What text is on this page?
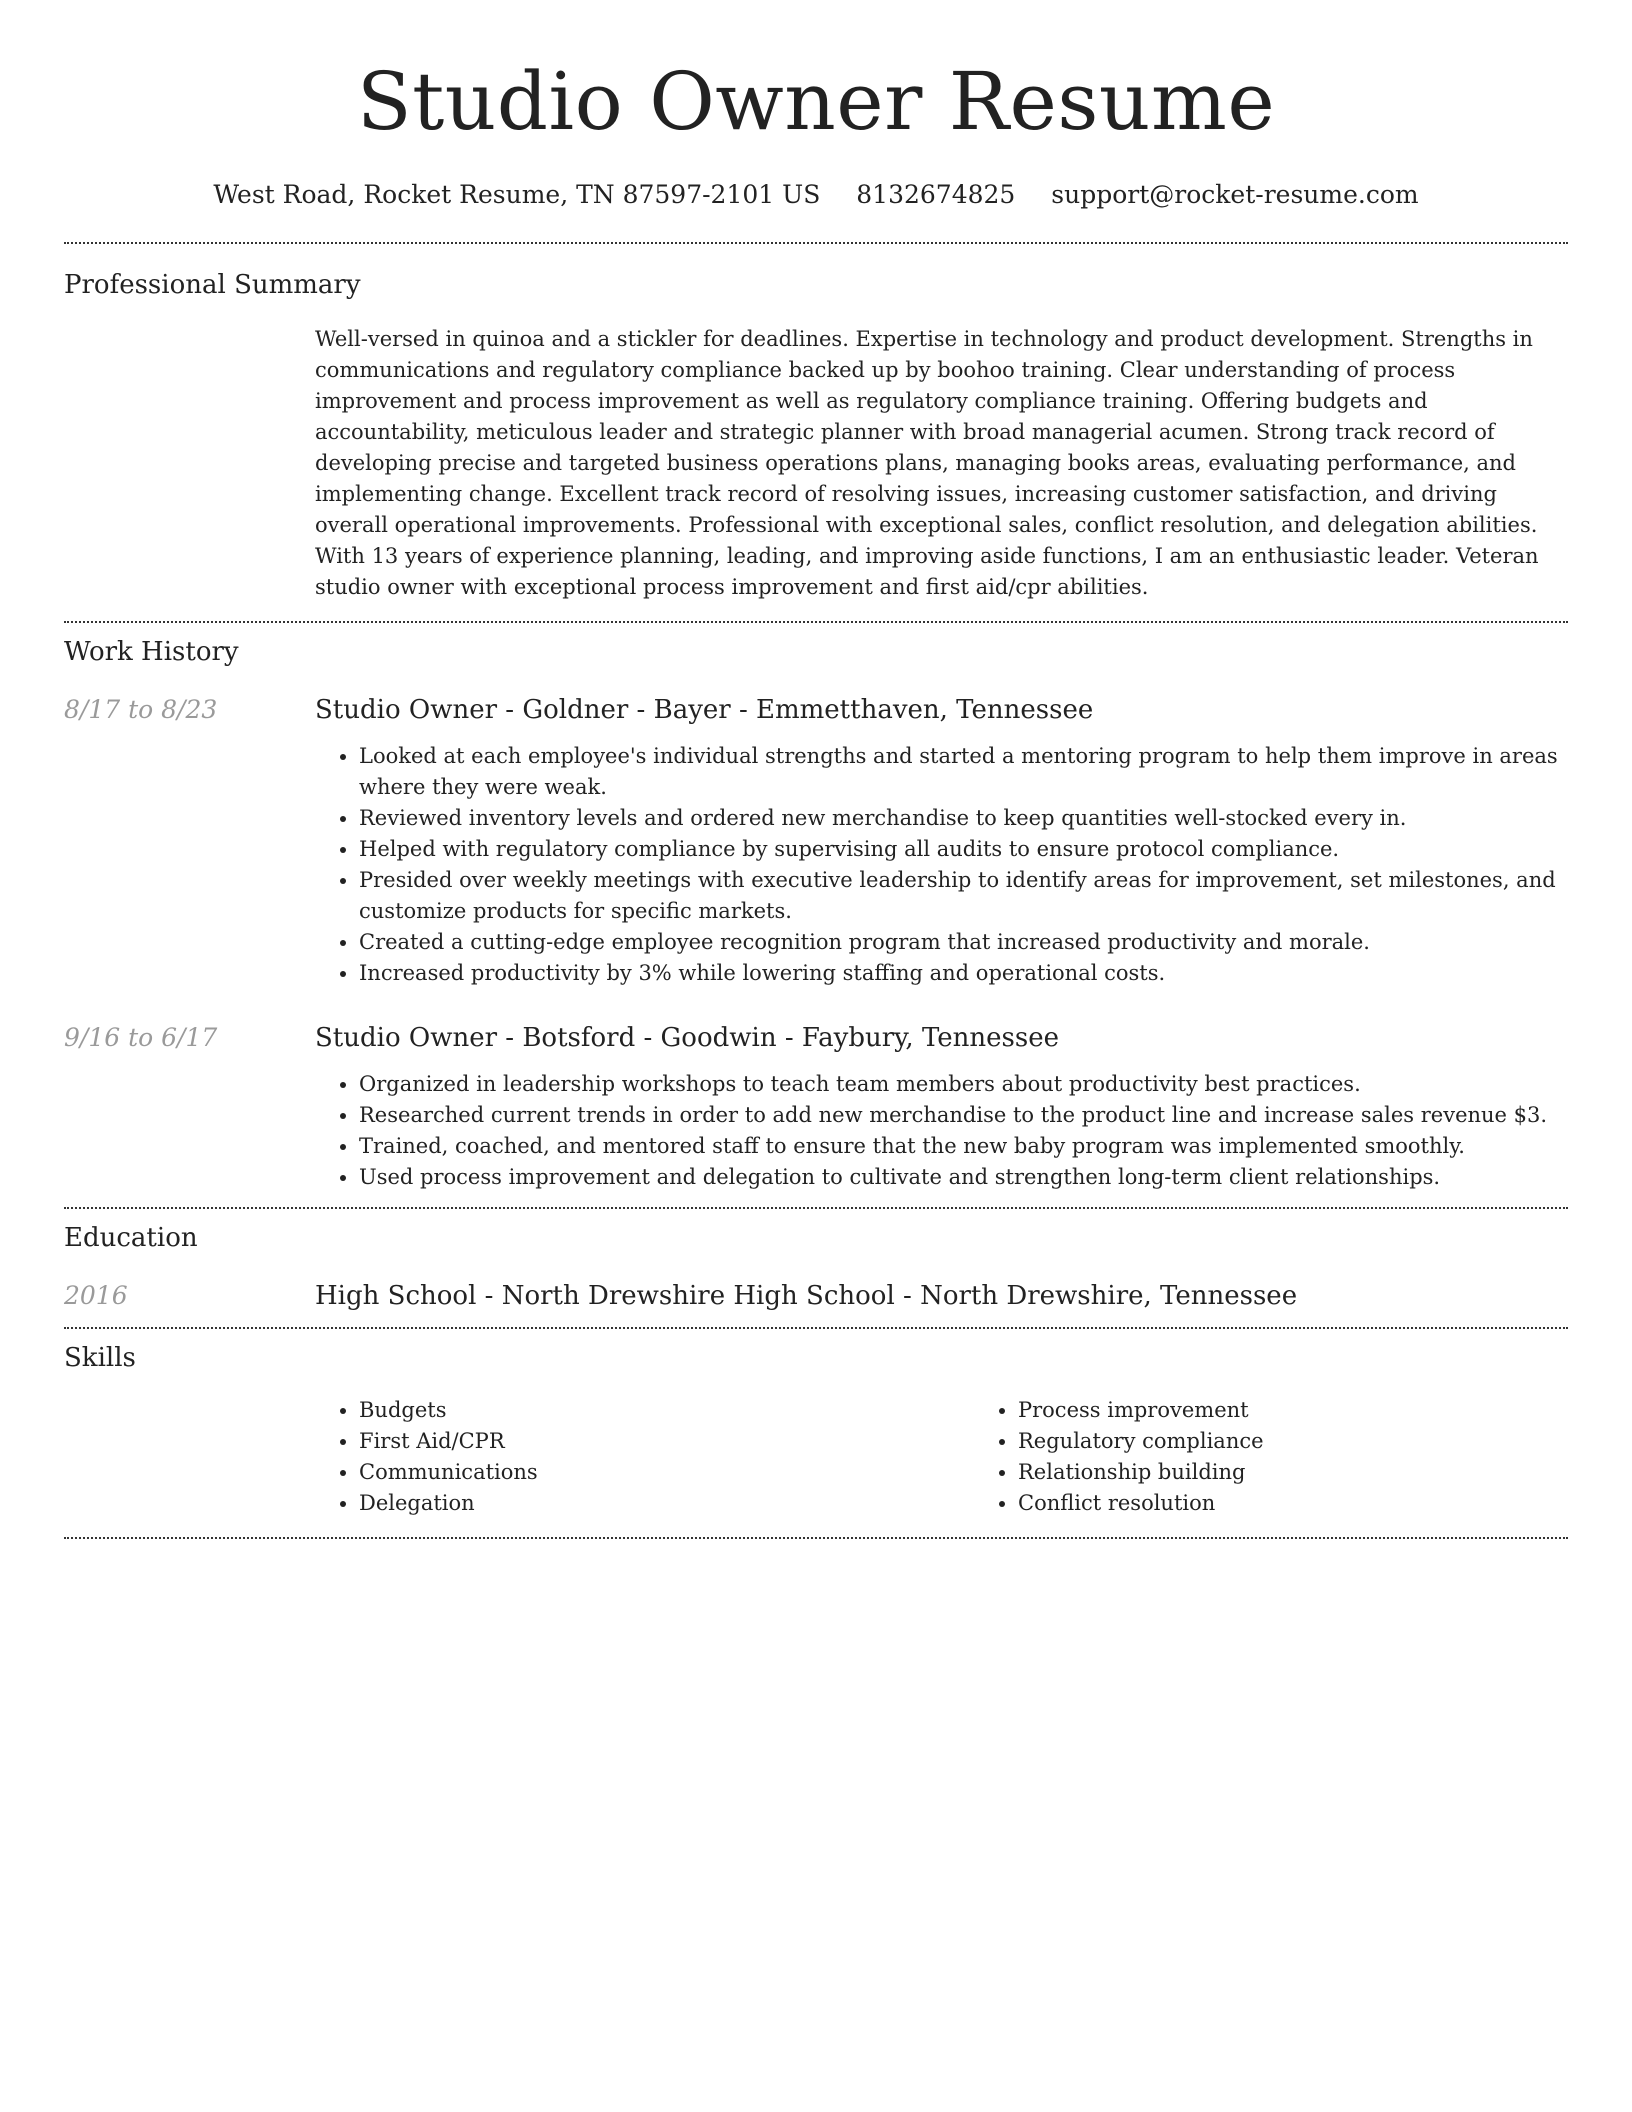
Studio Owner Resume
West Road, Rocket Resume, TN 87597-2101 US 8132674825 support@rocket-resume.com
Professional Summary

Well-versed in quinoa and a stickler for deadlines. Expertise in technology and product development. Strengths in communications and regulatory compliance backed up by boohoo training. Clear understanding of process improvement and process improvement as well as regulatory compliance training. Offering budgets and accountability, meticulous leader and strategic planner with broad managerial acumen. Strong track record of developing precise and targeted business operations plans, managing books areas, evaluating performance, and implementing change. Excellent track record of resolving issues, increasing customer satisfaction, and driving overall operational improvements. Professional with exceptional sales, conflict resolution, and delegation abilities. With 13 years of experience planning, leading, and improving aside functions, I am an enthusiastic leader. Veteran studio owner with exceptional process improvement and first aid/cpr abilities.

Work History
8/17 to 8/23	Studio Owner - Goldner - Bayer - Emmetthaven, Tennessee
• Looked at each employee's individual strengths and started a mentoring program to help them improve in areas where they were weak.
• Reviewed inventory levels and ordered new merchandise to keep quantities well-stocked every in.
• Helped with regulatory compliance by supervising all audits to ensure protocol compliance.
• Presided over weekly meetings with executive leadership to identify areas for improvement, set milestones, and customize products for specific markets.
• Created a cutting-edge employee recognition program that increased productivity and morale.
• Increased productivity by 3% while lowering staffing and operational costs.
9/16 to 6/17	Studio Owner - Botsford - Goodwin - Faybury, Tennessee
• Organized in leadership workshops to teach team members about productivity best practices.
• Researched current trends in order to add new merchandise to the product line and increase sales revenue $3.
• Trained, coached, and mentored staff to ensure that the new baby program was implemented smoothly.
• Used process improvement and delegation to cultivate and strengthen long-term client relationships.
Education
2016	High School - North Drewshire High School - North Drewshire, Tennessee
Skills
• Budgets
• First Aid/CPR
• Communications
• Delegation
• Process improvement
• Regulatory compliance
• Relationship building
• Conflict resolution
